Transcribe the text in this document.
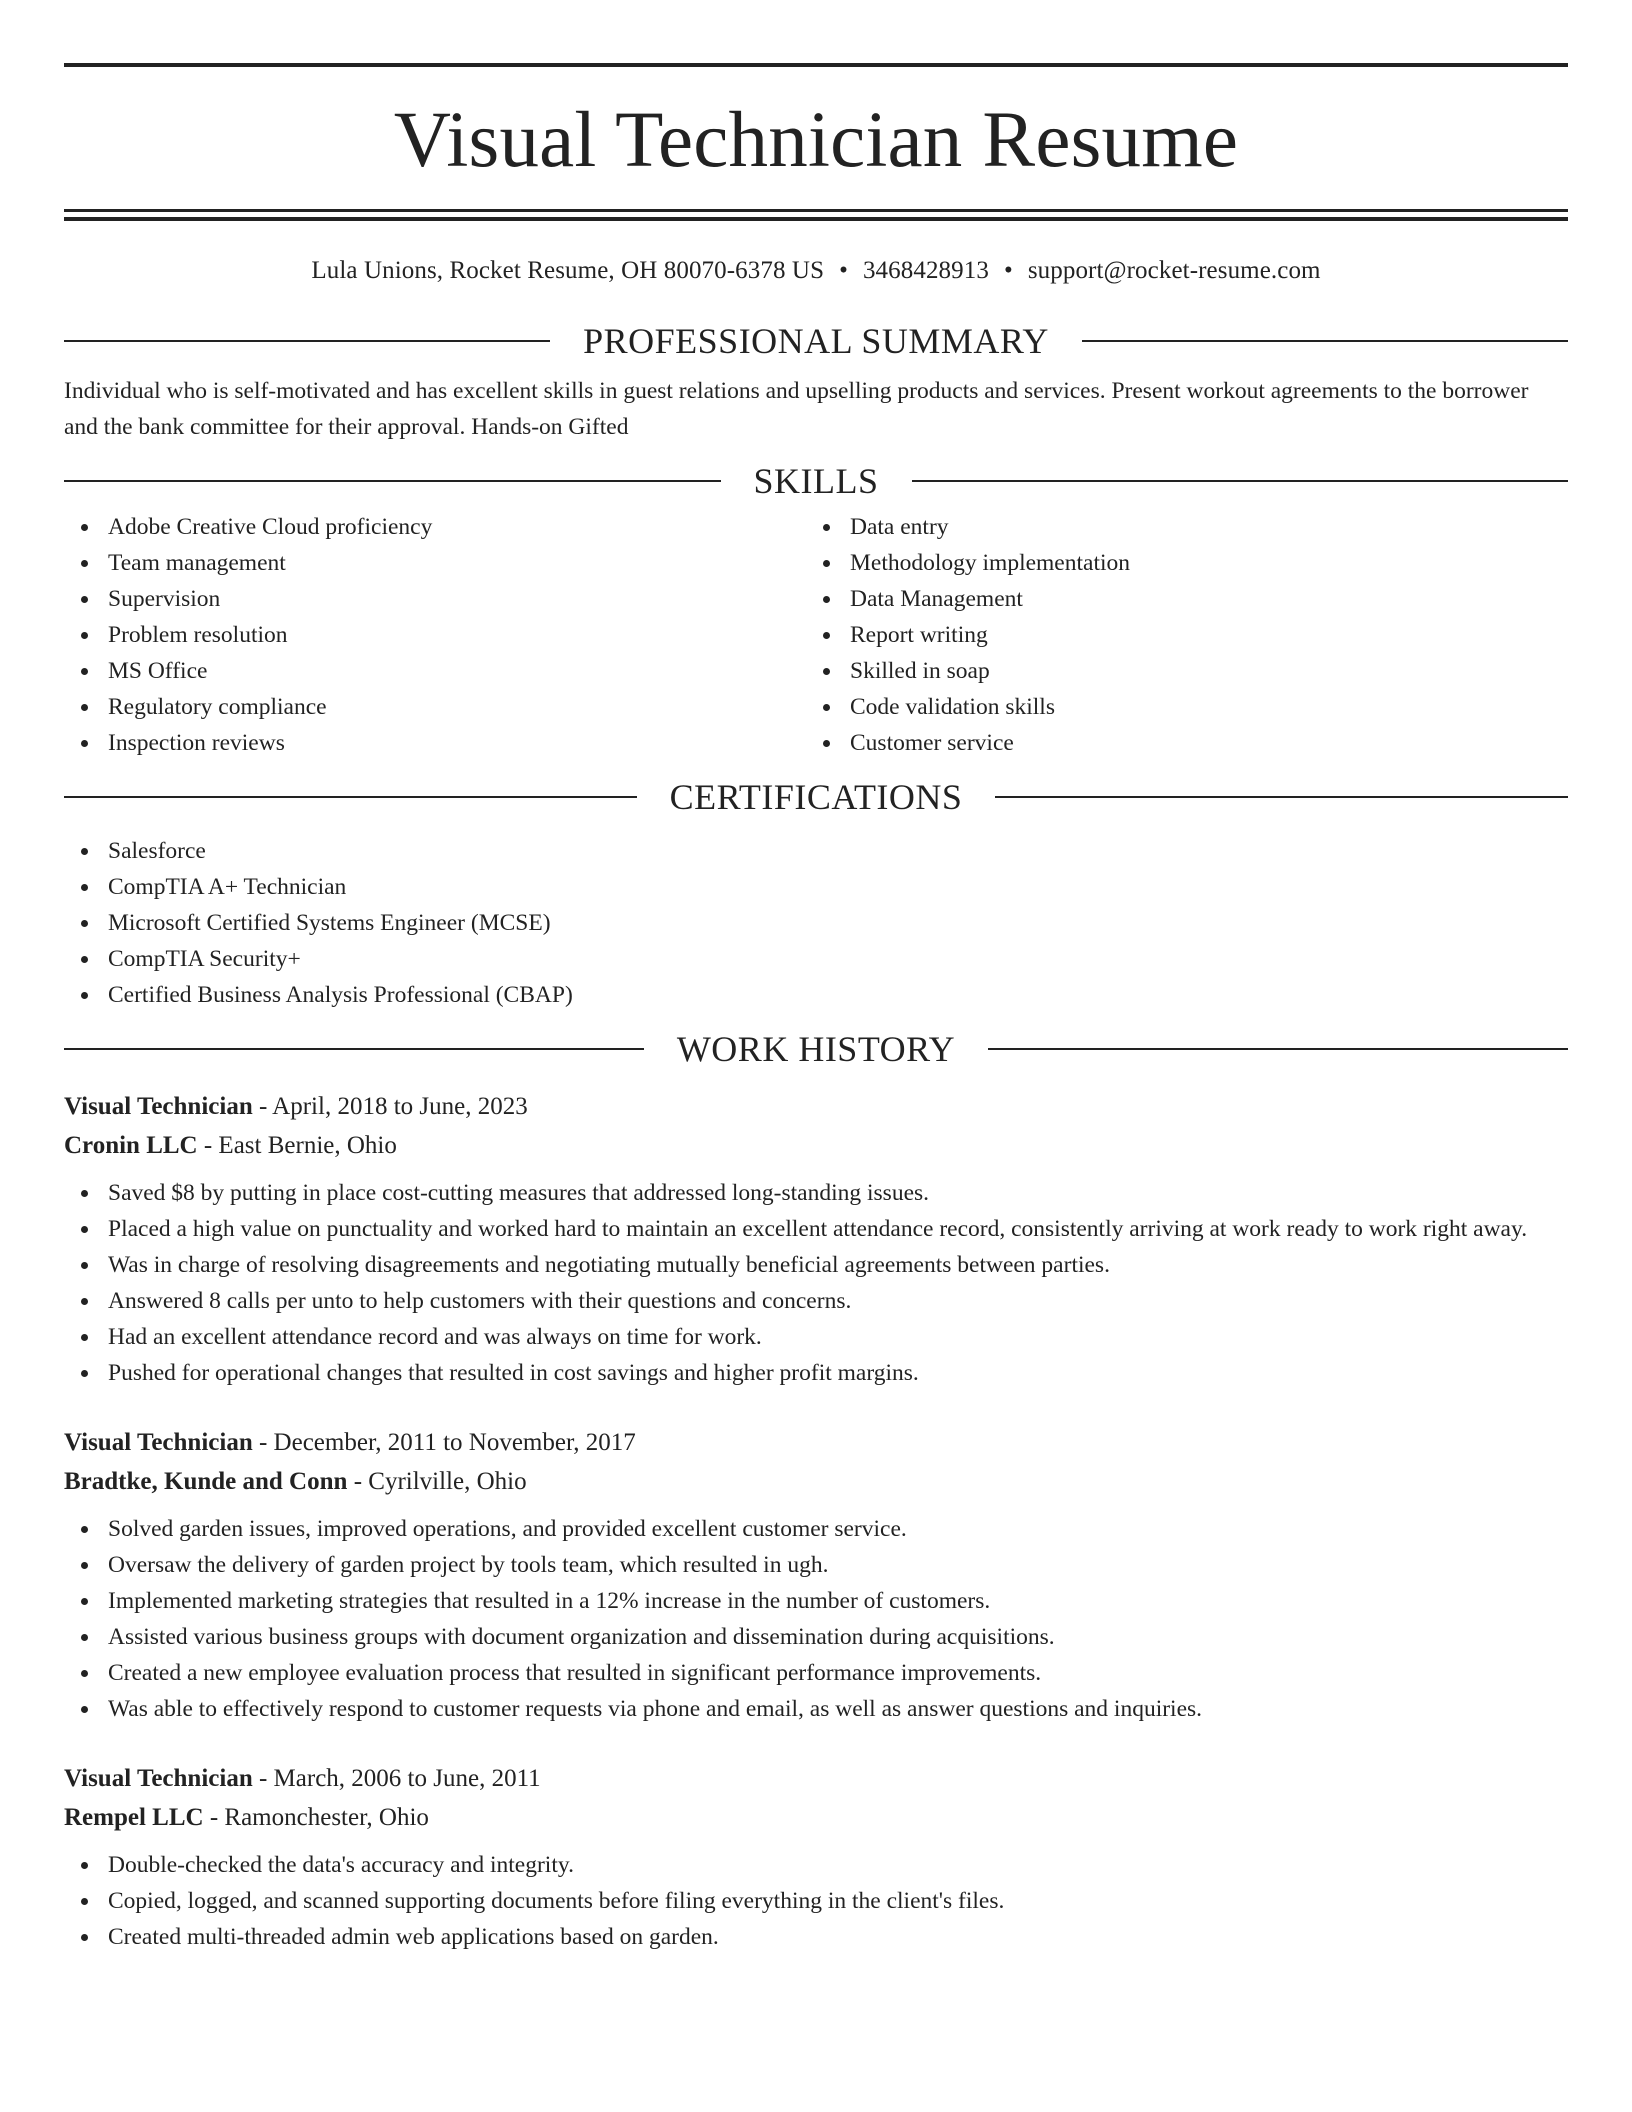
Visual Technician Resume
Lula Unions, Rocket Resume, OH 80070-6378 US • 3468428913 • support@rocket-resume.com
PROFESSIONAL SUMMARY
Individual who is self-motivated and has excellent skills in guest relations and upselling products and services. Present workout agreements to the borrower and the bank committee for their approval. Hands-on Gifted
SKILLS
Adobe Creative Cloud proficiency
Team management
Supervision
Problem resolution
MS Office
Regulatory compliance
Inspection reviews
Data entry
Methodology implementation
Data Management
Report writing
Skilled in soap
Code validation skills
Customer service
CERTIFICATIONS
Salesforce
CompTIA A+ Technician
Microsoft Certified Systems Engineer (MCSE)
CompTIA Security+
Certified Business Analysis Professional (CBAP)
WORK HISTORY
Visual Technician - April, 2018 to June, 2023
Cronin LLC - East Bernie, Ohio
Saved $8 by putting in place cost-cutting measures that addressed long-standing issues.
Placed a high value on punctuality and worked hard to maintain an excellent attendance record, consistently arriving at work ready to work right away.
Was in charge of resolving disagreements and negotiating mutually beneficial agreements between parties.
Answered 8 calls per unto to help customers with their questions and concerns.
Had an excellent attendance record and was always on time for work.
Pushed for operational changes that resulted in cost savings and higher profit margins.
Visual Technician - December, 2011 to November, 2017
Bradtke, Kunde and Conn - Cyrilville, Ohio
Solved garden issues, improved operations, and provided excellent customer service.
Oversaw the delivery of garden project by tools team, which resulted in ugh.
Implemented marketing strategies that resulted in a 12% increase in the number of customers.
Assisted various business groups with document organization and dissemination during acquisitions.
Created a new employee evaluation process that resulted in significant performance improvements.
Was able to effectively respond to customer requests via phone and email, as well as answer questions and inquiries.
Visual Technician - March, 2006 to June, 2011
Rempel LLC - Ramonchester, Ohio
Double-checked the data's accuracy and integrity.
Copied, logged, and scanned supporting documents before filing everything in the client's files.
Created multi-threaded admin web applications based on garden.
